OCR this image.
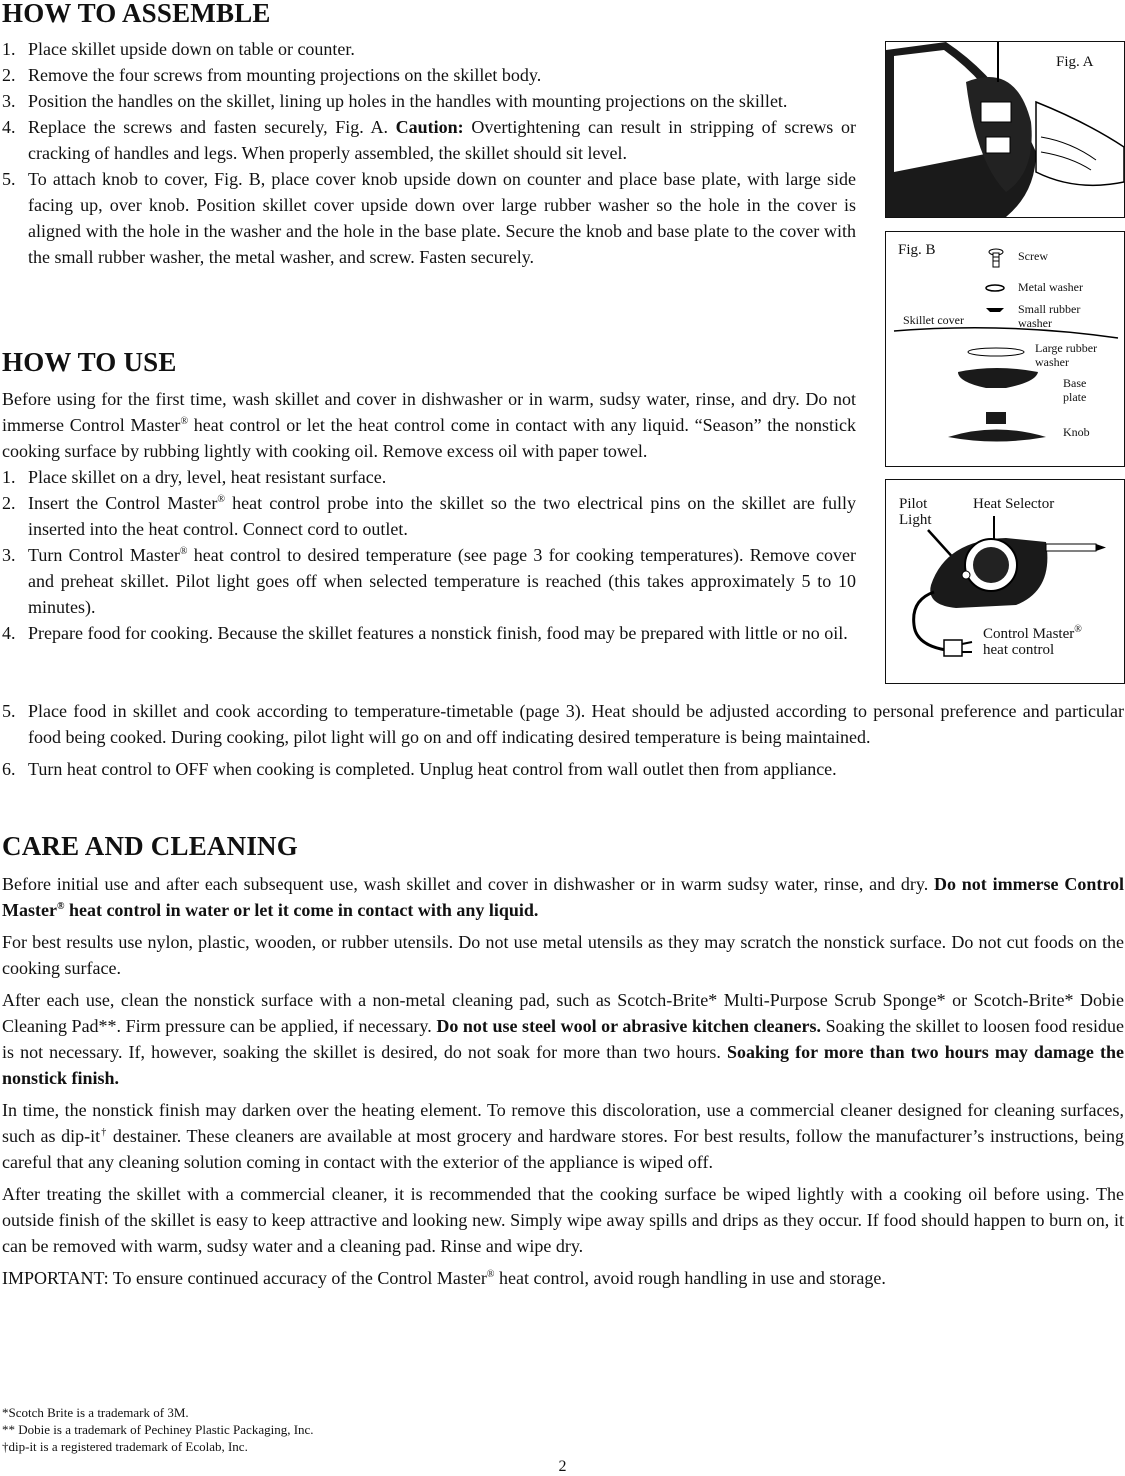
HOW TO ASSEMBLE
1. Place skillet upside down on table or counter.
2. Remove the four screws from mounting projections on the skillet body.
3. Position the handles on the skillet, lining up holes in the handles with mounting projections on the skillet.
4. Replace the screws and fasten securely, Fig. A. Caution: Overtightening can result in stripping of screws or cracking of handles and legs. When properly assembled, the skillet should sit level.
5. To attach knob to cover, Fig. B, place cover knob upside down on counter and place base plate, with large side facing up, over knob. Position skillet cover upside down over large rubber washer so the hole in the cover is aligned with the hole in the washer and the hole in the base plate. Secure the knob and base plate to the cover with the small rubber washer, the metal washer, and screw. Fasten securely.
HOW TO USE

Before using for the first time, wash skillet and cover in dishwasher or in warm, sudsy water, rinse, and dry. Do not immerse Control Master® heat control or let the heat control come in contact with any liquid. “Season” the nonstick cooking surface by rubbing lightly with cooking oil. Remove excess oil with paper towel.

1. Place skillet on a dry, level, heat resistant surface.
2. Insert the Control Master® heat control probe into the skillet so the two electrical pins on the skillet are fully inserted into the heat control. Connect cord to outlet.
3. Turn Control Master® heat control to desired temperature (see page 3 for cooking temperatures). Remove cover and preheat skillet. Pilot light goes off when selected temperature is reached (this takes approximately 5 to 10 minutes).
4. Prepare food for cooking. Because the skillet features a nonstick finish, food may be prepared with little or no oil.
5. Place food in skillet and cook according to temperature-timetable (page 3). Heat should be adjusted according to personal preference and particular food being cooked. During cooking, pilot light will go on and off indicating desired temperature is being maintained.
6. Turn heat control to OFF when cooking is completed. Unplug heat control from wall outlet then from appliance.
CARE AND CLEANING

Before initial use and after each subsequent use, wash skillet and cover in dishwasher or in warm sudsy water, rinse, and dry. Do not immerse Control Master® heat control in water or let it come in contact with any liquid.

For best results use nylon, plastic, wooden, or rubber utensils. Do not use metal utensils as they may scratch the nonstick surface. Do not cut foods on the cooking surface.

After each use, clean the nonstick surface with a non-metal cleaning pad, such as Scotch-Brite* Multi-Purpose Scrub Sponge* or Scotch-Brite* Dobie Cleaning Pad**. Firm pressure can be applied, if necessary. Do not use steel wool or abrasive kitchen cleaners. Soaking the skillet to loosen food residue is not necessary. If, however, soaking the skillet is desired, do not soak for more than two hours. Soaking for more than two hours may damage the nonstick finish.

In time, the nonstick finish may darken over the heating element. To remove this discoloration, use a commercial cleaner designed for cleaning surfaces, such as dip-it† destainer. These cleaners are available at most grocery and hardware stores. For best results, follow the manufacturer’s instructions, being careful that any cleaning solution coming in contact with the exterior of the appliance is wiped off.

After treating the skillet with a commercial cleaner, it is recommended that the cooking surface be wiped lightly with a cooking oil before using. The outside finish of the skillet is easy to keep attractive and looking new. Simply wipe away spills and drips as they occur. If food should happen to burn on, it can be removed with warm, sudsy water and a cleaning pad. Rinse and wipe dry.

IMPORTANT: To ensure continued accuracy of the Control Master® heat control, avoid rough handling in use and storage.

Fig. A
Fig. B	Screw
Metal washer
Small rubber
washer
Skillet cover
Large rubber
washer
Base
plate
Knob
Pilot
Light
Heat Selector
Control Master®
heat control
*Scotch Brite is a trademark of 3M.
** Dobie is a trademark of Pechiney Plastic Packaging, Inc.
†dip-it is a registered trademark of Ecolab, Inc.
2
